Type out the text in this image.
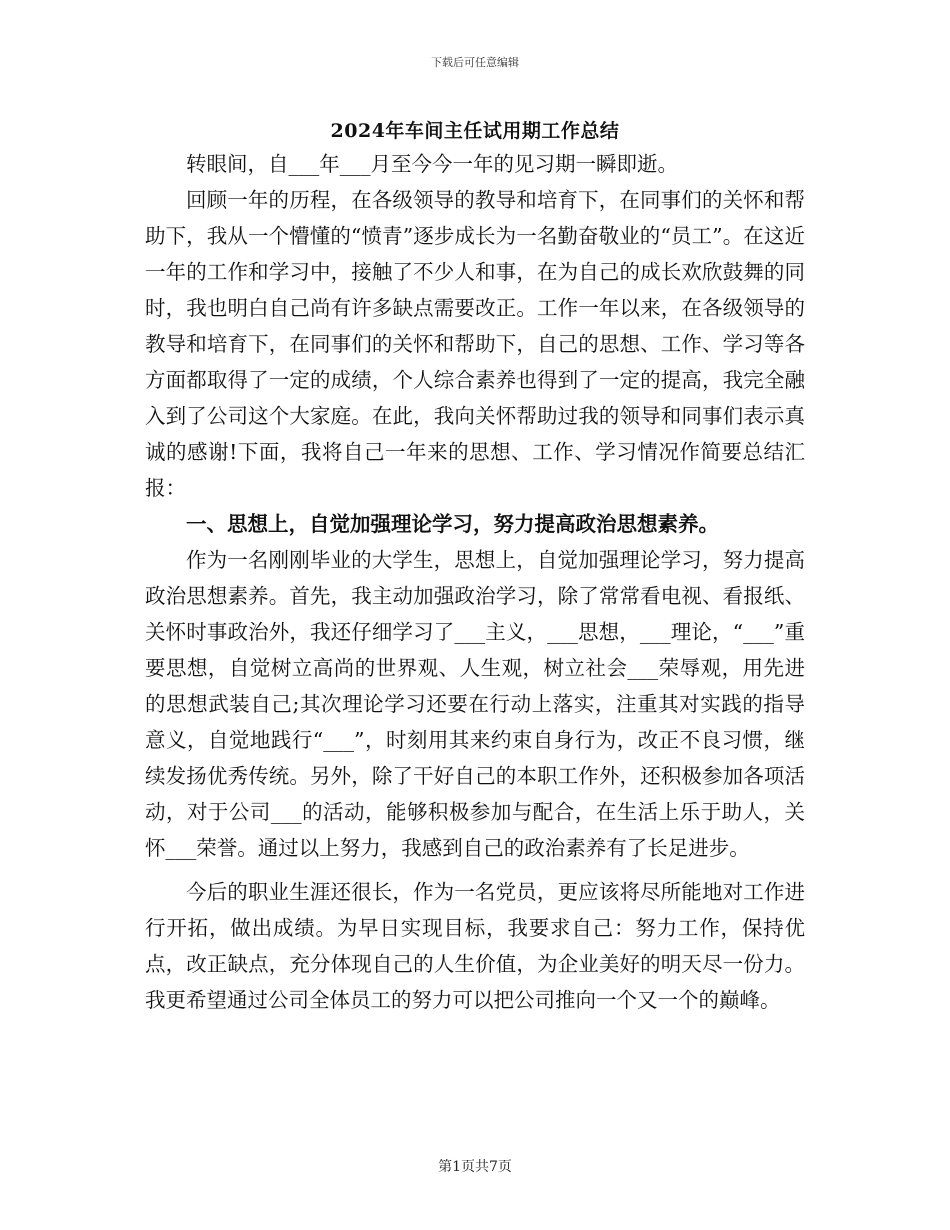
下载后可任意编辑
2024年车间主任试用期工作总结

转眼间，自___年___月至今今一年的见习期一瞬即逝。

回顾一年的历程，在各级领导的教导和培育下，在同事们的关怀和帮助下，我从一个懵懂的“愤青”逐步成长为一名勤奋敬业的“员工”。在这近一年的工作和学习中，接触了不少人和事，在为自己的成长欢欣鼓舞的同时，我也明白自己尚有许多缺点需要改正。工作一年以来，在各级领导的教导和培育下，在同事们的关怀和帮助下，自己的思想、工作、学习等各方面都取得了一定的成绩，个人综合素养也得到了一定的提高，我完全融入到了公司这个大家庭。在此，我向关怀帮助过我的领导和同事们表示真诚的感谢!下面，我将自己一年来的思想、工作、学习情况作简要总结汇报：

一、思想上，自觉加强理论学习，努力提高政治思想素养。

作为一名刚刚毕业的大学生，思想上，自觉加强理论学习，努力提高政治思想素养。首先，我主动加强政治学习，除了常常看电视、看报纸、关怀时事政治外，我还仔细学习了___主义，___思想，___理论，“___”重要思想，自觉树立高尚的世界观、人生观，树立社会___荣辱观，用先进的思想武装自己;其次理论学习还要在行动上落实，注重其对实践的指导意义，自觉地践行“___”，时刻用其来约束自身行为，改正不良习惯，继续发扬优秀传统。另外，除了干好自己的本职工作外，还积极参加各项活动，对于公司___的活动，能够积极参加与配合，在生活上乐于助人，关怀___荣誉。通过以上努力，我感到自己的政治素养有了长足进步。

今后的职业生涯还很长，作为一名党员，更应该将尽所能地对工作进行开拓，做出成绩。为早日实现目标，我要求自己：努力工作，保持优点，改正缺点，充分体现自己的人生价值，为企业美好的明天尽一份力。我更希望通过公司全体员工的努力可以把公司推向一个又一个的巅峰。

第1页共7页
